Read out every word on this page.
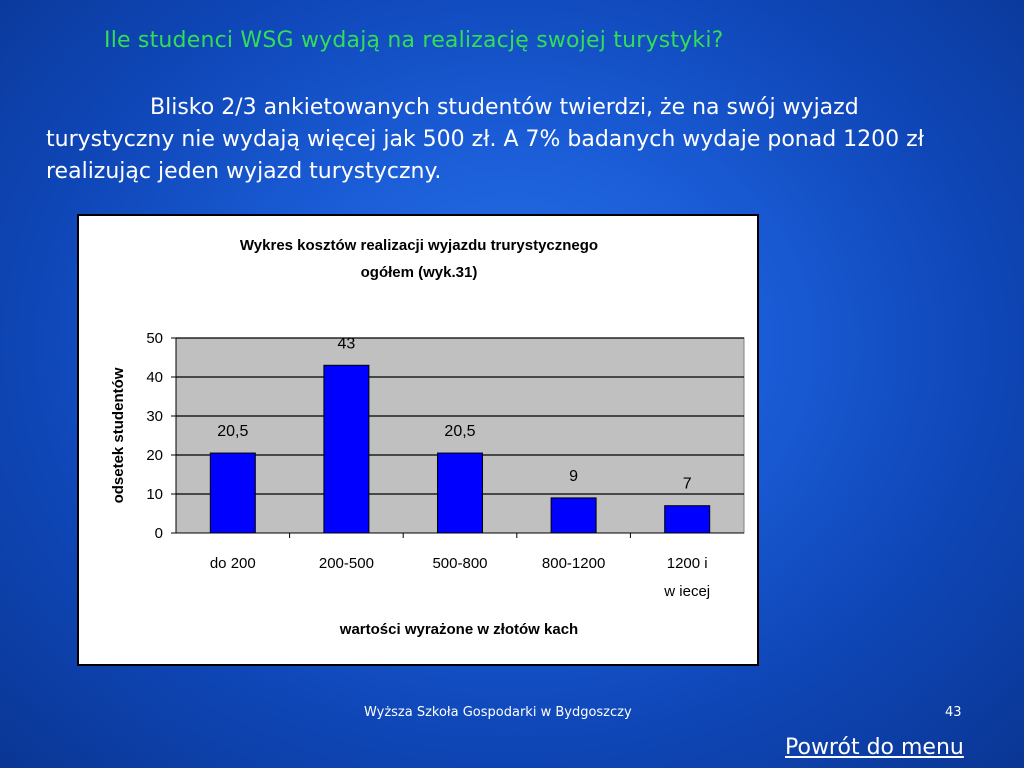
Ile studenci WSG wydają na realizację swojej turystyki?
Blisko 2/3 ankietowanych studentów twierdzi, że na swój wyjazd turystyczny nie wydają więcej jak 500 zł. A 7% badanych wydaje ponad 1200 zł realizując jeden wyjazd turystyczny.
Wykres kosztów realizacji wyjazdu trurystycznego
ogółem (wyk.31)
0
10
20
30
40
50
20,5
do 200
43
200-500
20,5
500-800
9
800-1200
7
1200 i
w iecej
odsetek studentów
wartości wyrażone w złotów kach
Wyższa Szkoła Gospodarki w Bydgoszczy	43
Powrót do menu
